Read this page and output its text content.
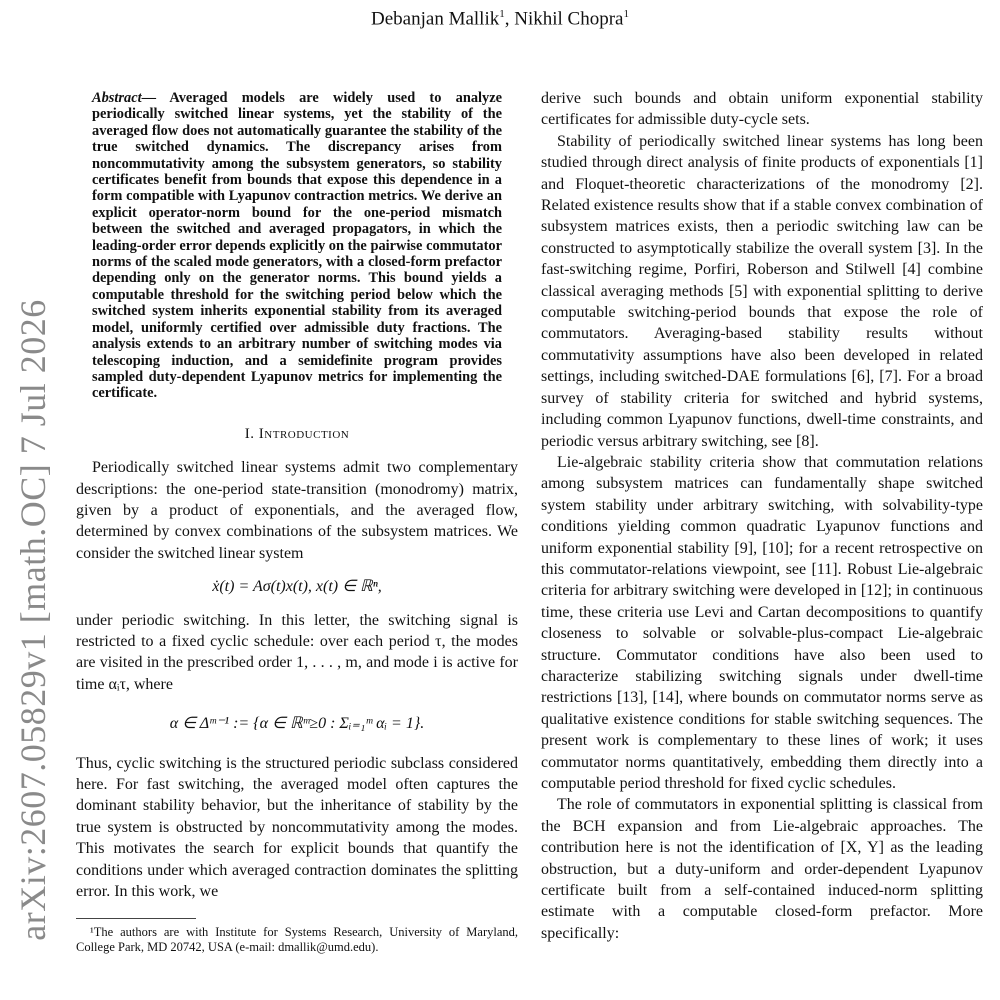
Debanjan Mallik$^1$, Nikhil Chopra$^1$
arXiv:2607.05829v1 [math.OC] 7 Jul 2026
Abstract— Averaged models are widely used to analyze periodically switched linear systems, yet the stability of the averaged flow does not automatically guarantee the stability of the true switched dynamics. The discrepancy arises from noncommutativity among the subsystem generators, so stability certificates benefit from bounds that expose this dependence in a form compatible with Lyapunov contraction metrics. We derive an explicit operator-norm bound for the one-period mismatch between the switched and averaged propagators, in which the leading-order error depends explicitly on the pairwise commutator norms of the scaled mode generators, with a closed-form prefactor depending only on the generator norms. This bound yields a computable threshold for the switching period below which the switched system inherits exponential stability from its averaged model, uniformly certified over admissible duty fractions. The analysis extends to an arbitrary number of switching modes via telescoping induction, and a semidefinite program provides sampled duty-dependent Lyapunov metrics for implementing the certificate.
I. Introduction

Periodically switched linear systems admit two complementary descriptions: the one-period state-transition (monodromy) matrix, given by a product of exponentials, and the averaged flow, determined by convex combinations of the subsystem matrices. We consider the switched linear system

ẋ(t) = Aσ(t)x(t), x(t) ∈ ℝⁿ,

under periodic switching. In this letter, the switching signal is restricted to a fixed cyclic schedule: over each period τ, the modes are visited in the prescribed order 1, . . . , m, and mode i is active for time αᵢτ, where

α ∈ Δᵐ⁻¹ := {α ∈ ℝᵐ≥0 : Σᵢ₌₁ᵐ αᵢ = 1}.

Thus, cyclic switching is the structured periodic subclass considered here. For fast switching, the averaged model often captures the dominant stability behavior, but the inheritance of stability by the true system is obstructed by noncommutativity among the modes. This motivates the search for explicit bounds that quantify the conditions under which averaged contraction dominates the splitting error. In this work, we

¹The authors are with Institute for Systems Research, University of Maryland, College Park, MD 20742, USA (e-mail: dmallik@umd.edu).

derive such bounds and obtain uniform exponential stability certificates for admissible duty-cycle sets.

Stability of periodically switched linear systems has long been studied through direct analysis of finite products of exponentials [1] and Floquet-theoretic characterizations of the monodromy [2]. Related existence results show that if a stable convex combination of subsystem matrices exists, then a periodic switching law can be constructed to asymptotically stabilize the overall system [3]. In the fast-switching regime, Porfiri, Roberson and Stilwell [4] combine classical averaging methods [5] with exponential splitting to derive computable switching-period bounds that expose the role of commutators. Averaging-based stability results without commutativity assumptions have also been developed in related settings, including switched-DAE formulations [6], [7]. For a broad survey of stability criteria for switched and hybrid systems, including common Lyapunov functions, dwell-time constraints, and periodic versus arbitrary switching, see [8].

Lie-algebraic stability criteria show that commutation relations among subsystem matrices can fundamentally shape switched system stability under arbitrary switching, with solvability-type conditions yielding common quadratic Lyapunov functions and uniform exponential stability [9], [10]; for a recent retrospective on this commutator-relations viewpoint, see [11]. Robust Lie-algebraic criteria for arbitrary switching were developed in [12]; in continuous time, these criteria use Levi and Cartan decompositions to quantify closeness to solvable or solvable-plus-compact Lie-algebraic structure. Commutator conditions have also been used to characterize stabilizing switching signals under dwell-time restrictions [13], [14], where bounds on commutator norms serve as qualitative existence conditions for stable switching sequences. The present work is complementary to these lines of work; it uses commutator norms quantitatively, embedding them directly into a computable period threshold for fixed cyclic schedules.

The role of commutators in exponential splitting is classical from the BCH expansion and from Lie-algebraic approaches. The contribution here is not the identification of [X, Y] as the leading obstruction, but a duty-uniform and order-dependent Lyapunov certificate built from a self-contained induced-norm splitting estimate with a computable closed-form prefactor. More specifically:
